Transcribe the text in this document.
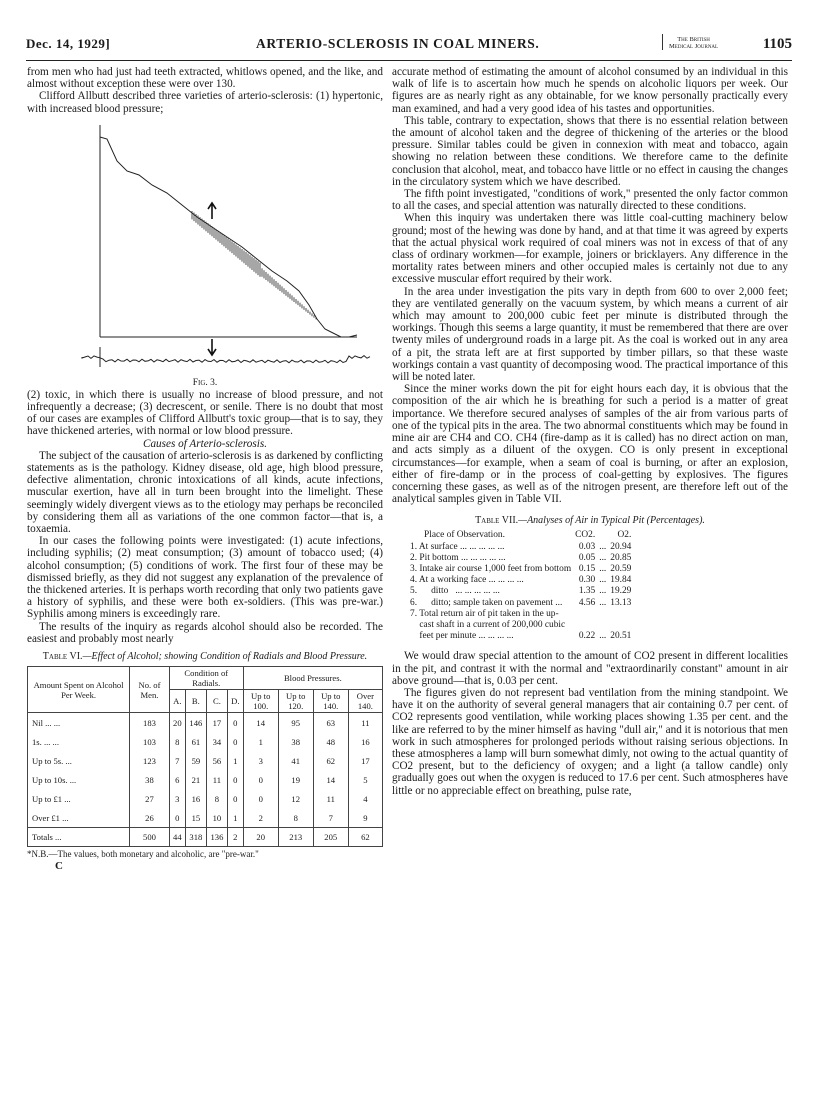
Dec. 14, 1929]	ARTERIO-SCLEROSIS IN COAL MINERS.	The British
Medical Journal	1105

from men who had just had teeth extracted, whitlows opened, and the like, and almost without exception these were over 130.

Clifford Allbutt described three varieties of arterio-sclerosis: (1) hypertonic, with increased blood pressure;

Fig. 3.

(2) toxic, in which there is usually no increase of blood pressure, and not infrequently a decrease; (3) decrescent, or senile. There is no doubt that most of our cases are examples of Clifford Allbutt's toxic group—that is to say, they have thickened arteries, with normal or low blood pressure.

Causes of Arterio-sclerosis.

The subject of the causation of arterio-sclerosis is as darkened by conflicting statements as is the pathology. Kidney disease, old age, high blood pressure, defective alimentation, chronic intoxications of all kinds, acute infections, muscular exertion, have all in turn been brought into the limelight. These seemingly widely divergent views as to the etiology may perhaps be reconciled by considering them all as variations of the one common factor—that is, a toxaemia.

In our cases the following points were investigated: (1) acute infections, including syphilis; (2) meat consumption; (3) amount of tobacco used; (4) alcohol consumption; (5) conditions of work. The first four of these may be dismissed briefly, as they did not suggest any explanation of the prevalence of the thickened arteries. It is perhaps worth recording that only two patients gave a history of syphilis, and these were both ex-soldiers. (This was pre-war.) Syphilis among miners is exceedingly rare.

The results of the inquiry as regards alcohol should also be recorded. The easiest and probably most nearly

Table VI.—Effect of Alcohol; showing Condition of Radials and Blood Pressure.
Amount Spent on Alcohol Per Week.	No. of Men.	Condition of Radials.				Blood Pressures.			
		A.	B.	C.	D.	Up to 100.	Up to 120.	Up to 140.	Over 140.
Nil ... ...	183	20	146	17	0	14	95	63	11
1s. ... ...	103	8	61	34	0	1	38	48	16
Up to 5s. ...	123	7	59	56	1	3	41	62	17
Up to 10s. ...	38	6	21	11	0	0	19	14	5
Up to £1 ...	27	3	16	8	0	0	12	11	4
Over £1 ...	26	0	15	10	1	2	8	7	9
Totals ...	500	44	318	136	2	20	213	205	62
*N.B.—The values, both monetary and alcoholic, are "pre-war."
C

accurate method of estimating the amount of alcohol consumed by an individual in this walk of life is to ascertain how much he spends on alcoholic liquors per week. Our figures are as nearly right as any obtainable, for we know personally practically every man examined, and had a very good idea of his tastes and opportunities.

This table, contrary to expectation, shows that there is no essential relation between the amount of alcohol taken and the degree of thickening of the arteries or the blood pressure. Similar tables could be given in connexion with meat and tobacco, again showing no relation between these conditions. We therefore came to the definite conclusion that alcohol, meat, and tobacco have little or no effect in causing the changes in the circulatory system which we have described.

The fifth point investigated, "conditions of work," presented the only factor common to all the cases, and special attention was naturally directed to these conditions.

When this inquiry was undertaken there was little coal-cutting machinery below ground; most of the hewing was done by hand, and at that time it was agreed by experts that the actual physical work required of coal miners was not in excess of that of any class of ordinary workmen—for example, joiners or bricklayers. Any difference in the mortality rates between miners and other occupied males is certainly not due to any excessive muscular effort required by their work.

In the area under investigation the pits vary in depth from 600 to over 2,000 feet; they are ventilated generally on the vacuum system, by which means a current of air which may amount to 200,000 cubic feet per minute is distributed through the workings. Though this seems a large quantity, it must be remembered that there are over twenty miles of underground roads in a large pit. As the coal is worked out in any area of a pit, the strata left are at first supported by timber pillars, so that these waste workings contain a vast quantity of decomposing wood. The practical importance of this will be noted later.

Since the miner works down the pit for eight hours each day, it is obvious that the composition of the air which he is breathing for such a period is a matter of great importance. We therefore secured analyses of samples of the air from various parts of one of the typical pits in the area. The two abnormal constituents which may be found in mine air are CH4 and CO. CH4 (fire-damp as it is called) has no direct action on man, and acts simply as a diluent of the oxygen. CO is only present in exceptional circumstances—for example, when a seam of coal is burning, or after an explosion, either of fire-damp or in the process of coal-getting by explosives. The figures concerning these gases, as well as of the nitrogen present, are therefore left out of the analytical samples given in Table VII.

Table VII.—Analyses of Air in Typical Pit (Percentages).
Place of Observation.	CO2.		O2.
1. At surface ... ... ... ... ...	0.03	...	20.94
2. Pit bottom ... ... ... ... ...	0.05	...	20.85
3. Intake air course 1,000 feet from bottom	0.15	...	20.59
4. At a working face ... ... ... ...	0.30	...	19.84
5.      ditto   ... ... ... ... ...	1.35	...	19.29
6.      ditto; sample taken on pavement ...	4.56	...	13.13
7. Total return air of pit taken in the up-			
cast shaft in a current of 200,000 cubic			
feet per minute ... ... ... ...	0.22	...	20.51

We would draw special attention to the amount of CO2 present in different localities in the pit, and contrast it with the normal and "extraordinarily constant" amount in air above ground—that is, 0.03 per cent.

The figures given do not represent bad ventilation from the mining standpoint. We have it on the authority of several general managers that air containing 0.7 per cent. of CO2 represents good ventilation, while working places showing 1.35 per cent. and the like are referred to by the miner himself as having "dull air," and it is notorious that men work in such atmospheres for prolonged periods without raising serious objections. In these atmospheres a lamp will burn somewhat dimly, not owing to the actual quantity of CO2 present, but to the deficiency of oxygen; and a light (a tallow candle) only gradually goes out when the oxygen is reduced to 17.6 per cent. Such atmospheres have little or no appreciable effect on breathing, pulse rate,
